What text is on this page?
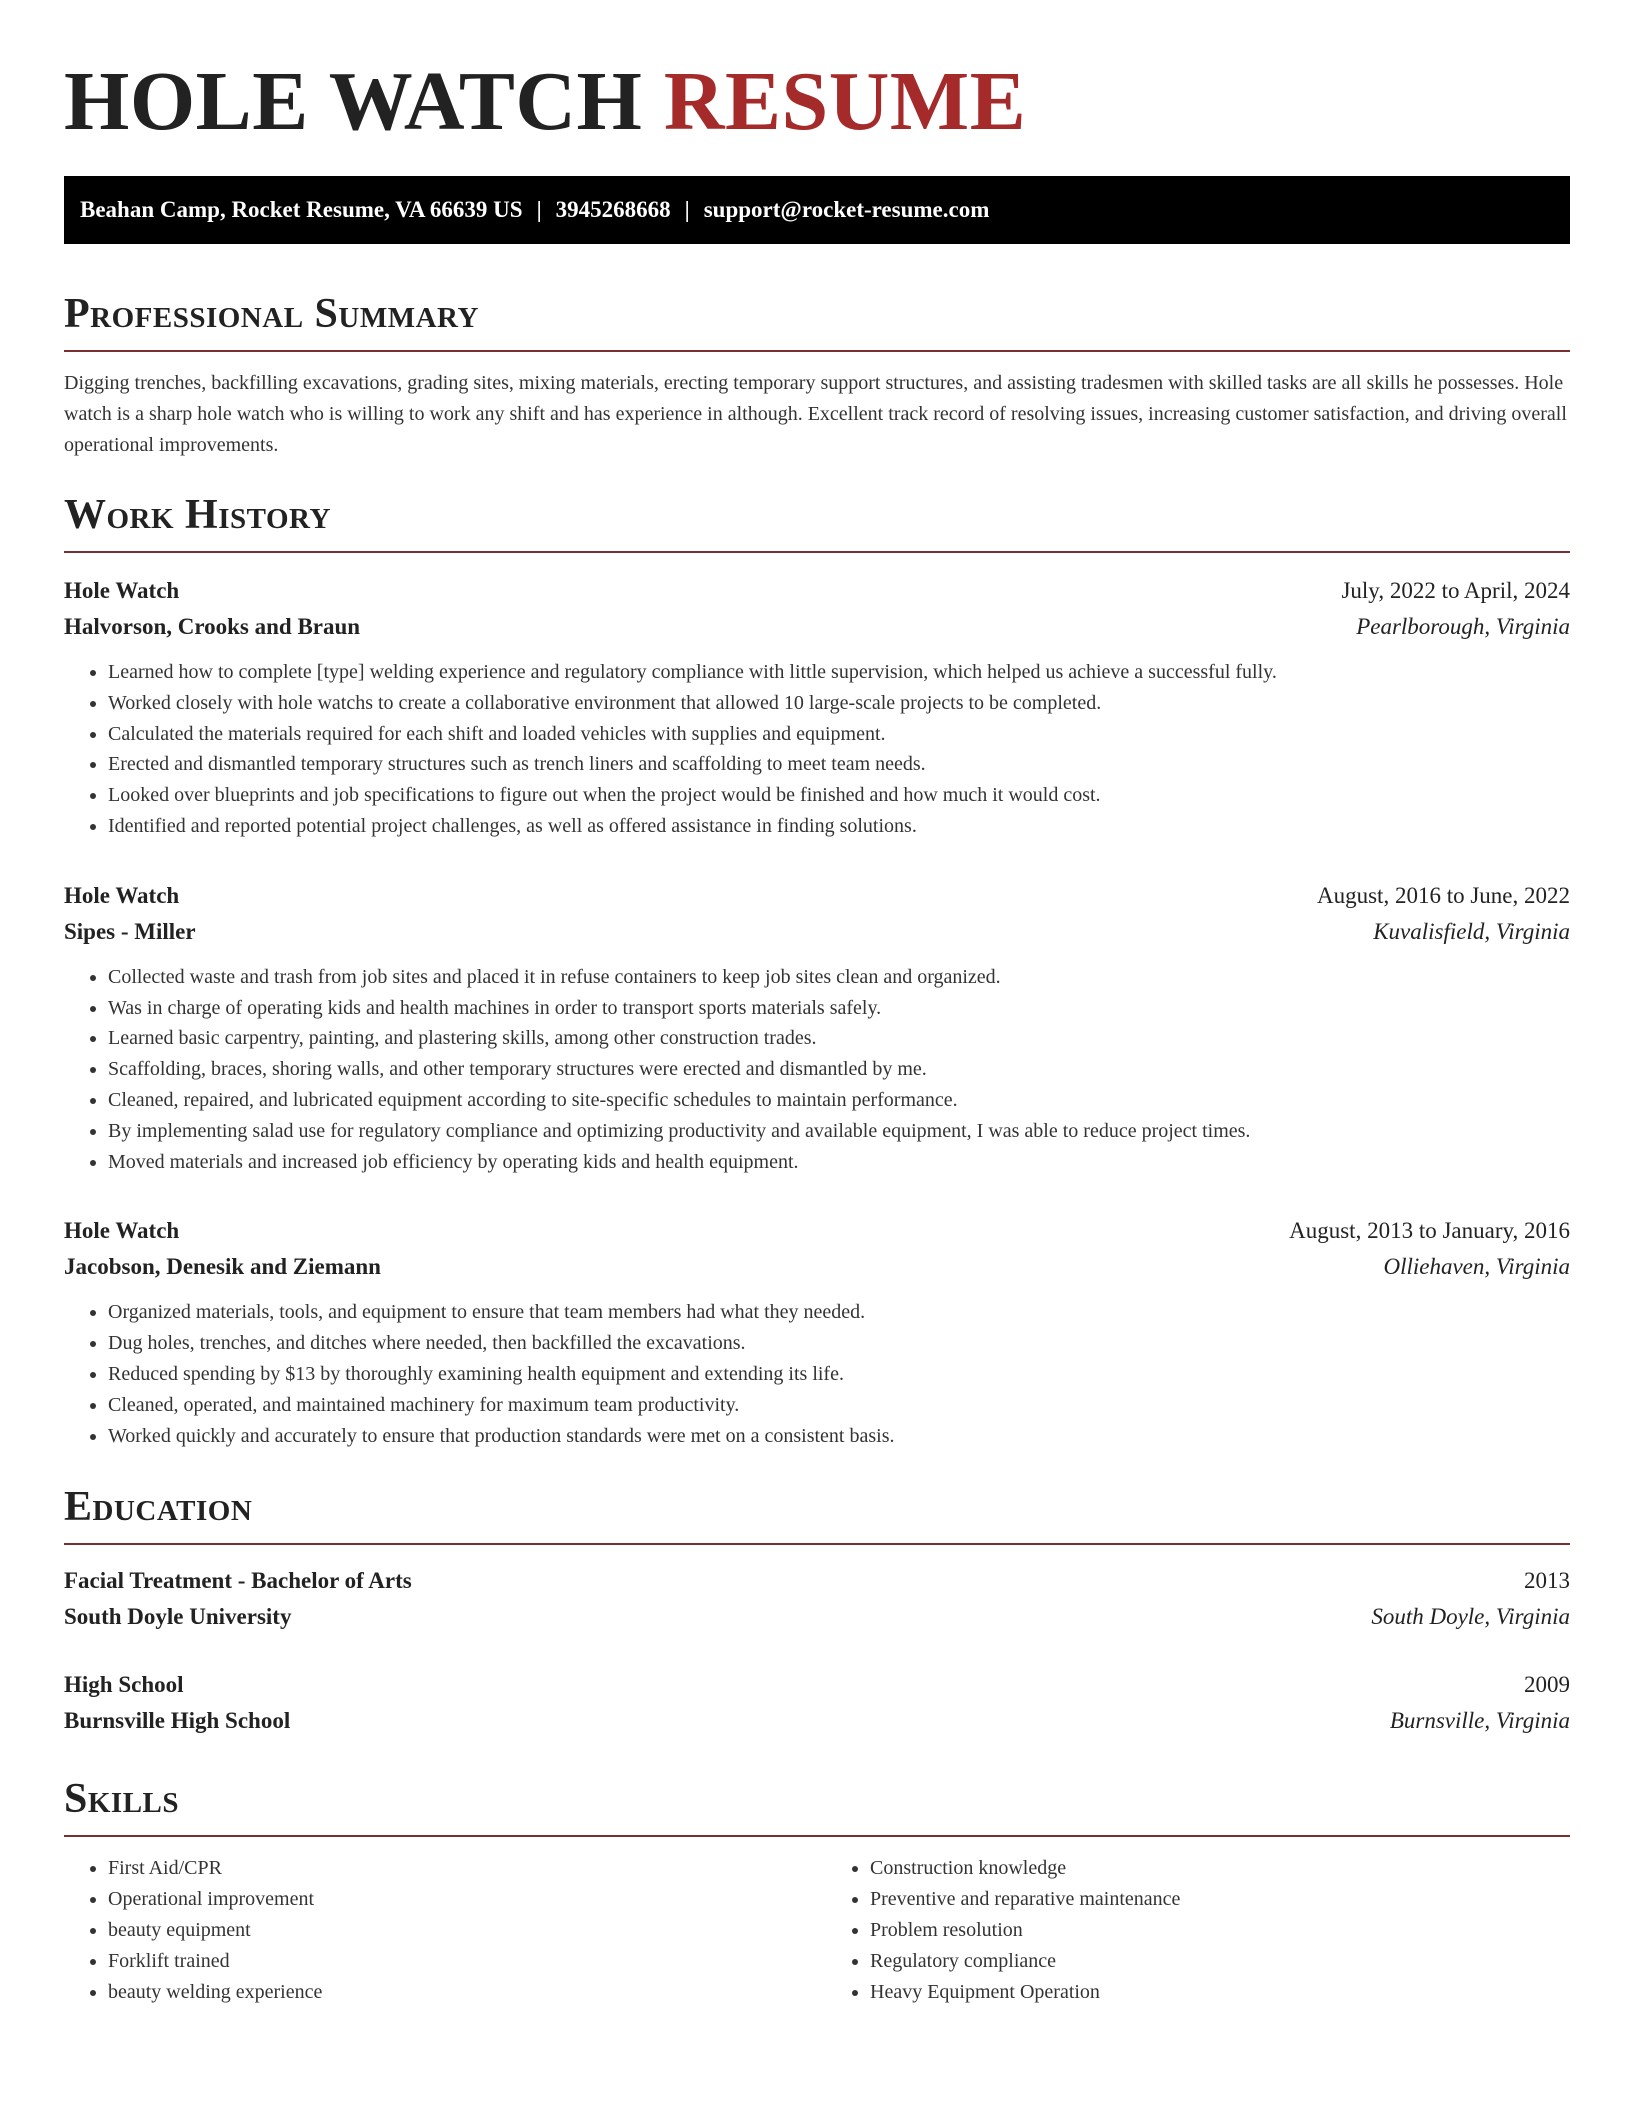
HOLE WATCH RESUME
Beahan Camp, Rocket Resume, VA 66639 US | 3945268668 | support@rocket-resume.com
Professional Summary

Digging trenches, backfilling excavations, grading sites, mixing materials, erecting temporary support structures, and assisting tradesmen with skilled tasks are all skills he possesses. Hole watch is a sharp hole watch who is willing to work any shift and has experience in although. Excellent track record of resolving issues, increasing customer satisfaction, and driving overall operational improvements.

Work History
Hole Watch	July, 2022 to April, 2024
Halvorson, Crooks and Braun	Pearlborough, Virginia
• Learned how to complete [type] welding experience and regulatory compliance with little supervision, which helped us achieve a successful fully.
• Worked closely with hole watchs to create a collaborative environment that allowed 10 large-scale projects to be completed.
• Calculated the materials required for each shift and loaded vehicles with supplies and equipment.
• Erected and dismantled temporary structures such as trench liners and scaffolding to meet team needs.
• Looked over blueprints and job specifications to figure out when the project would be finished and how much it would cost.
• Identified and reported potential project challenges, as well as offered assistance in finding solutions.
Hole Watch	August, 2016 to June, 2022
Sipes - Miller	Kuvalisfield, Virginia
• Collected waste and trash from job sites and placed it in refuse containers to keep job sites clean and organized.
• Was in charge of operating kids and health machines in order to transport sports materials safely.
• Learned basic carpentry, painting, and plastering skills, among other construction trades.
• Scaffolding, braces, shoring walls, and other temporary structures were erected and dismantled by me.
• Cleaned, repaired, and lubricated equipment according to site-specific schedules to maintain performance.
• By implementing salad use for regulatory compliance and optimizing productivity and available equipment, I was able to reduce project times.
• Moved materials and increased job efficiency by operating kids and health equipment.
Hole Watch	August, 2013 to January, 2016
Jacobson, Denesik and Ziemann	Olliehaven, Virginia
• Organized materials, tools, and equipment to ensure that team members had what they needed.
• Dug holes, trenches, and ditches where needed, then backfilled the excavations.
• Reduced spending by $13 by thoroughly examining health equipment and extending its life.
• Cleaned, operated, and maintained machinery for maximum team productivity.
• Worked quickly and accurately to ensure that production standards were met on a consistent basis.
Education
Facial Treatment - Bachelor of Arts	2013
South Doyle University	South Doyle, Virginia
High School	2009
Burnsville High School	Burnsville, Virginia
Skills
• First Aid/CPR
• Operational improvement
• beauty equipment
• Forklift trained
• beauty welding experience
• Construction knowledge
• Preventive and reparative maintenance
• Problem resolution
• Regulatory compliance
• Heavy Equipment Operation
